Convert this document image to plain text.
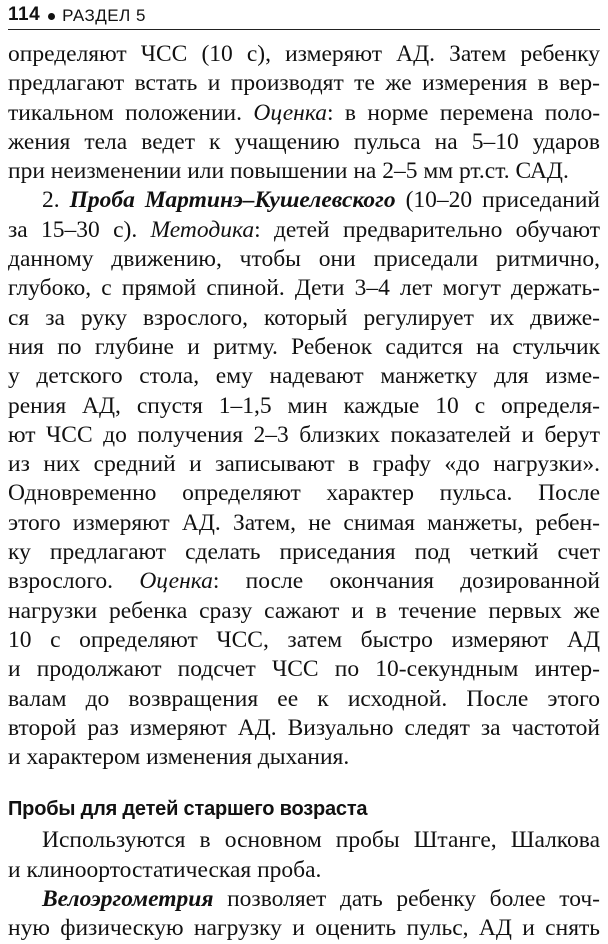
114 РАЗДЕЛ 5

определяют ЧСС (10 с), измеряют АД. Затем ребенку

предлагают встать и производят те же измерения в вер-

тикальном положении. Оценка: в норме перемена поло-

жения тела ведет к учащению пульса на 5–10 ударов

при неизменении или повышении на 2–5 мм рт.ст. САД.

2. Проба Мартинэ–Кушелевского (10–20 приседаний

за 15–30 с). Методика: детей предварительно обучают

данному движению, чтобы они приседали ритмично,

глубоко, с прямой спиной. Дети 3–4 лет могут держать-

ся за руку взрослого, который регулирует их движе-

ния по глубине и ритму. Ребенок садится на стульчик

у детского стола, ему надевают манжетку для изме-

рения АД, спустя 1–1,5 мин каждые 10 с определя-

ют ЧСС до получения 2–3 близких показателей и берут

из них средний и записывают в графу «до нагрузки».

Одновременно определяют характер пульса. После

этого измеряют АД. Затем, не снимая манжеты, ребен-

ку предлагают сделать приседания под четкий счет

взрослого. Оценка: после окончания дозированной

нагрузки ребенка сразу сажают и в течение первых же

10 с определяют ЧСС, затем быстро измеряют АД

и продолжают подсчет ЧСС по 10-секундным интер-

валам до возвращения ее к исходной. После этого

второй раз измеряют АД. Визуально следят за частотой

и характером изменения дыхания.

Пробы для детей старшего возраста

Используются в основном пробы Штанге, Шалкова

и клиноортостатическая проба.

Велоэргометрия позволяет дать ребенку более точ-

ную физическую нагрузку и оценить пульс, АД и снять
